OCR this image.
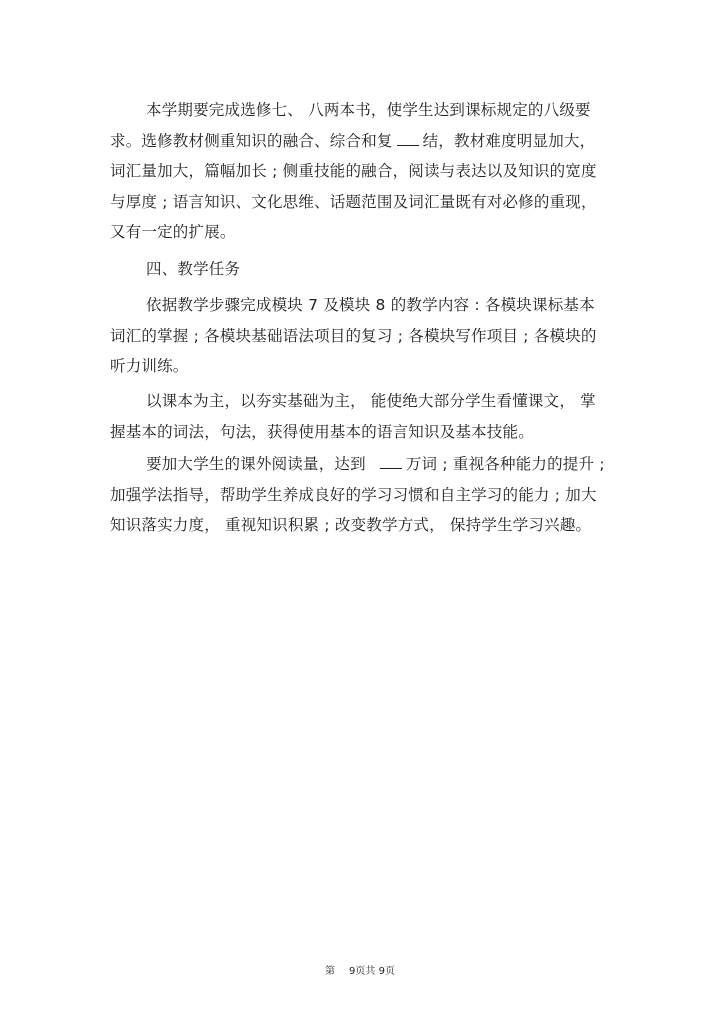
本学期要完成选修七、 八两本书，使学生达到课标规定的八级要
求。选修教材侧重知识的融合、综合和复 结，教材难度明显加大，
词汇量加大，篇幅加长 ; 侧重技能的融合，阅读与表达以及知识的宽度
与厚度 ; 语言知识、文化思维、话题范围及词汇量既有对必修的重现，
又有一定的扩展。
四、教学任务
依据教学步骤完成模块 7 及模块 8 的教学内容 : 各模块课标基本
词汇的掌握 ; 各模块基础语法项目的复习 ; 各模块写作项目 ; 各模块的
听力训练。
以课本为主，以夯实基础为主， 能使绝大部分学生看懂课文， 掌
握基本的词法，句法，获得使用基本的语言知识及基本技能。
要加大学生的课外阅读量，达到	万词 ; 重视各种能力的提升 ;
加强学法指导，帮助学生养成良好的学习习惯和自主学习的能力 ; 加大
知识落实力度， 重视知识积累 ; 改变教学方式， 保持学生学习兴趣。
第 9页共 9页
